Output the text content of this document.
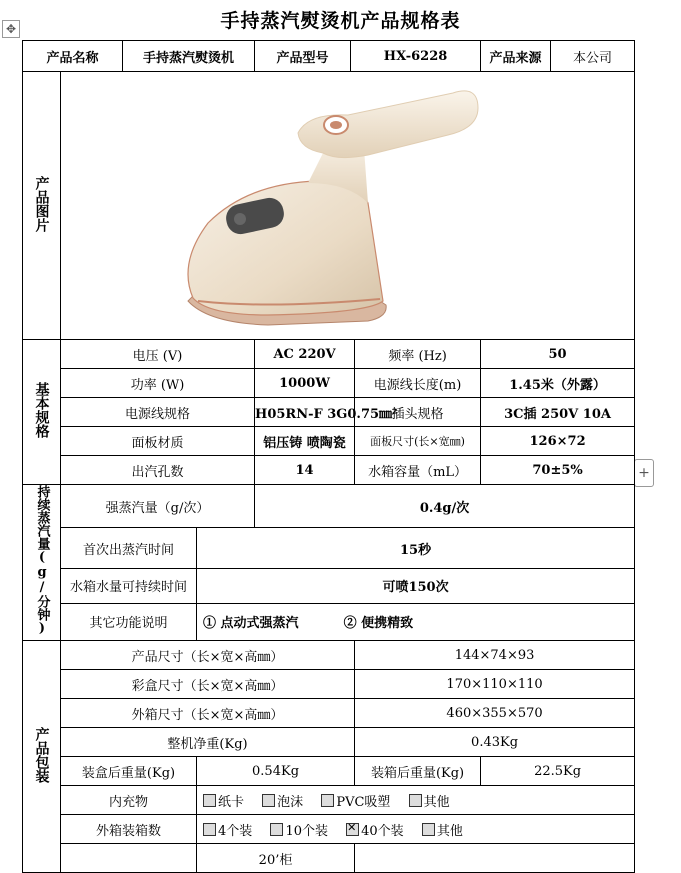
✥
+
手持蒸汽熨烫机产品规格表
产品名称		手持蒸汽熨烫机		产品型号	HX-6228		产品来源	本公司
产品图片	
基本规格	电压 (V)			AC 220V		频率 (Hz)	50	
	功率 (W)			1000W		电源线长度(m)	1.45米（外露）	
	电源线规格			H05RN-F 3G0.75㎜²		插头规格	3C插 250V 10A	
	面板材质			铝压铸 喷陶瓷		面板尺寸(长×宽㎜)	126×72	
	出汽孔数			14		水箱容量（mL）	70±5%	
持续蒸汽量(g/分钟)	强蒸汽量（g/次）			0.4g/次				
	首次出蒸汽时间		15秒					
	水箱水量可持续时间		可喷150次					
	其它功能说明		① 点动式强蒸汽 ② 便携精致					
产品包装	产品尺寸（长×宽×高㎜）					144×74×93		
	彩盒尺寸（长×宽×高㎜）					170×110×110		
	外箱尺寸（长×宽×高㎜）					460×355×570		
	整机净重(Kg)					0.43Kg		
	装盒后重量(Kg)		0.54Kg			装箱后重量(Kg)	22.5Kg	
	内充物		纸卡 泡沫 PVC吸塑 其他					
	外箱装箱数		4个装 10个装 ✕ 40个装 其他
			20’柜					
